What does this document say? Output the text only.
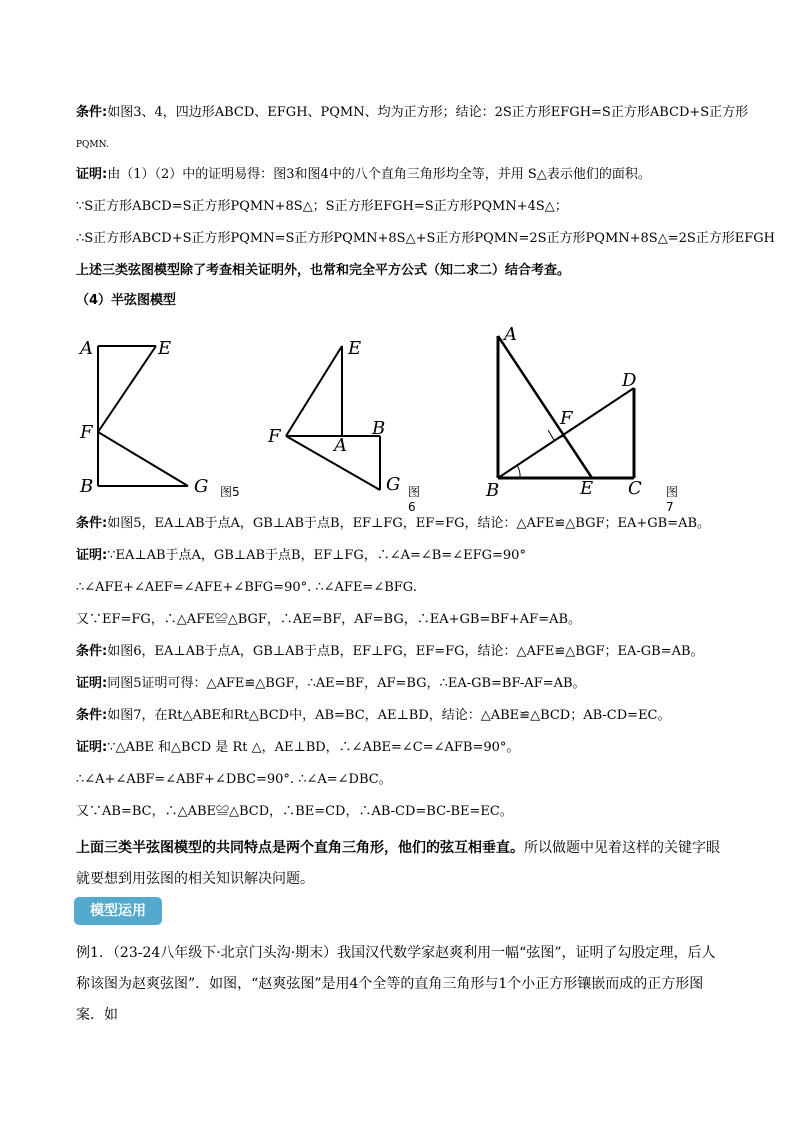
条件:如图3、4，四边形ABCD、EFGH、PQMN、均为正方形；结论：2S正方形EFGH=S正方形ABCD+S正方形
PQMN.
证明:由（1）（2）中的证明易得：图3和图4中的八个直角三角形均全等，并用 S△表示他们的面积。
∵S正方形ABCD=S正方形PQMN+8S△；S正方形EFGH=S正方形PQMN+4S△；
∴S正方形ABCD+S正方形PQMN=S正方形PQMN+8S△+S正方形PQMN=2S正方形PQMN+8S△=2S正方形EFGH
上述三类弦图模型除了考查相关证明外，也常和完全平方公式（知二求二）结合考查。
（4）半弦图模型
A	E
F
B	G 图5
E
F	A
B
G 图6
A
D
F
B	E C 图7
条件:如图5，EA⊥AB于点A，GB⊥AB于点B，EF⊥FG，EF=FG，结论：△AFE≌△BGF；EA+GB=AB。
证明:∵EA⊥AB于点A，GB⊥AB于点B，EF⊥FG，∴∠A=∠B=∠EFG=90°
∴∠AFE+∠AEF=∠AFE+∠BFG=90°. ∴∠AFE=∠BFG.
又∵EF=FG，∴△AFE≌△BGF，∴AE=BF，AF=BG，∴EA+GB=BF+AF=AB。
条件:如图6，EA⊥AB于点A，GB⊥AB于点B，EF⊥FG，EF=FG，结论：△AFE≌△BGF；EA-GB=AB。
证明:同图5证明可得：△AFE≌△BGF，∴AE=BF，AF=BG，∴EA-GB=BF-AF=AB。
条件:如图7，在Rt△ABE和Rt△BCD中，AB=BC，AE⊥BD，结论：△ABE≌△BCD；AB-CD=EC。
证明:∵△ABE 和△BCD 是 Rt △，AE⊥BD，∴∠ABE=∠C=∠AFB=90°。
∴∠A+∠ABF=∠ABF+∠DBC=90°. ∴∠A=∠DBC。
又∵AB=BC，∴△ABE≌△BCD，∴BE=CD，∴AB-CD=BC-BE=EC。
上面三类半弦图模型的共同特点是两个直角三角形，他们的弦互相垂直。所以做题中见着这样的关键字眼就要想到用弦图的相关知识解决问题。
模型运用
例1．（23-24八年级下·北京门头沟·期末）我国汉代数学家赵爽利用一幅“弦图”，证明了勾股定理，后人称该图为赵爽弦图”．如图，“赵爽弦图”是用4个全等的直角三角形与1个小正方形镶嵌而成的正方形图案．如
